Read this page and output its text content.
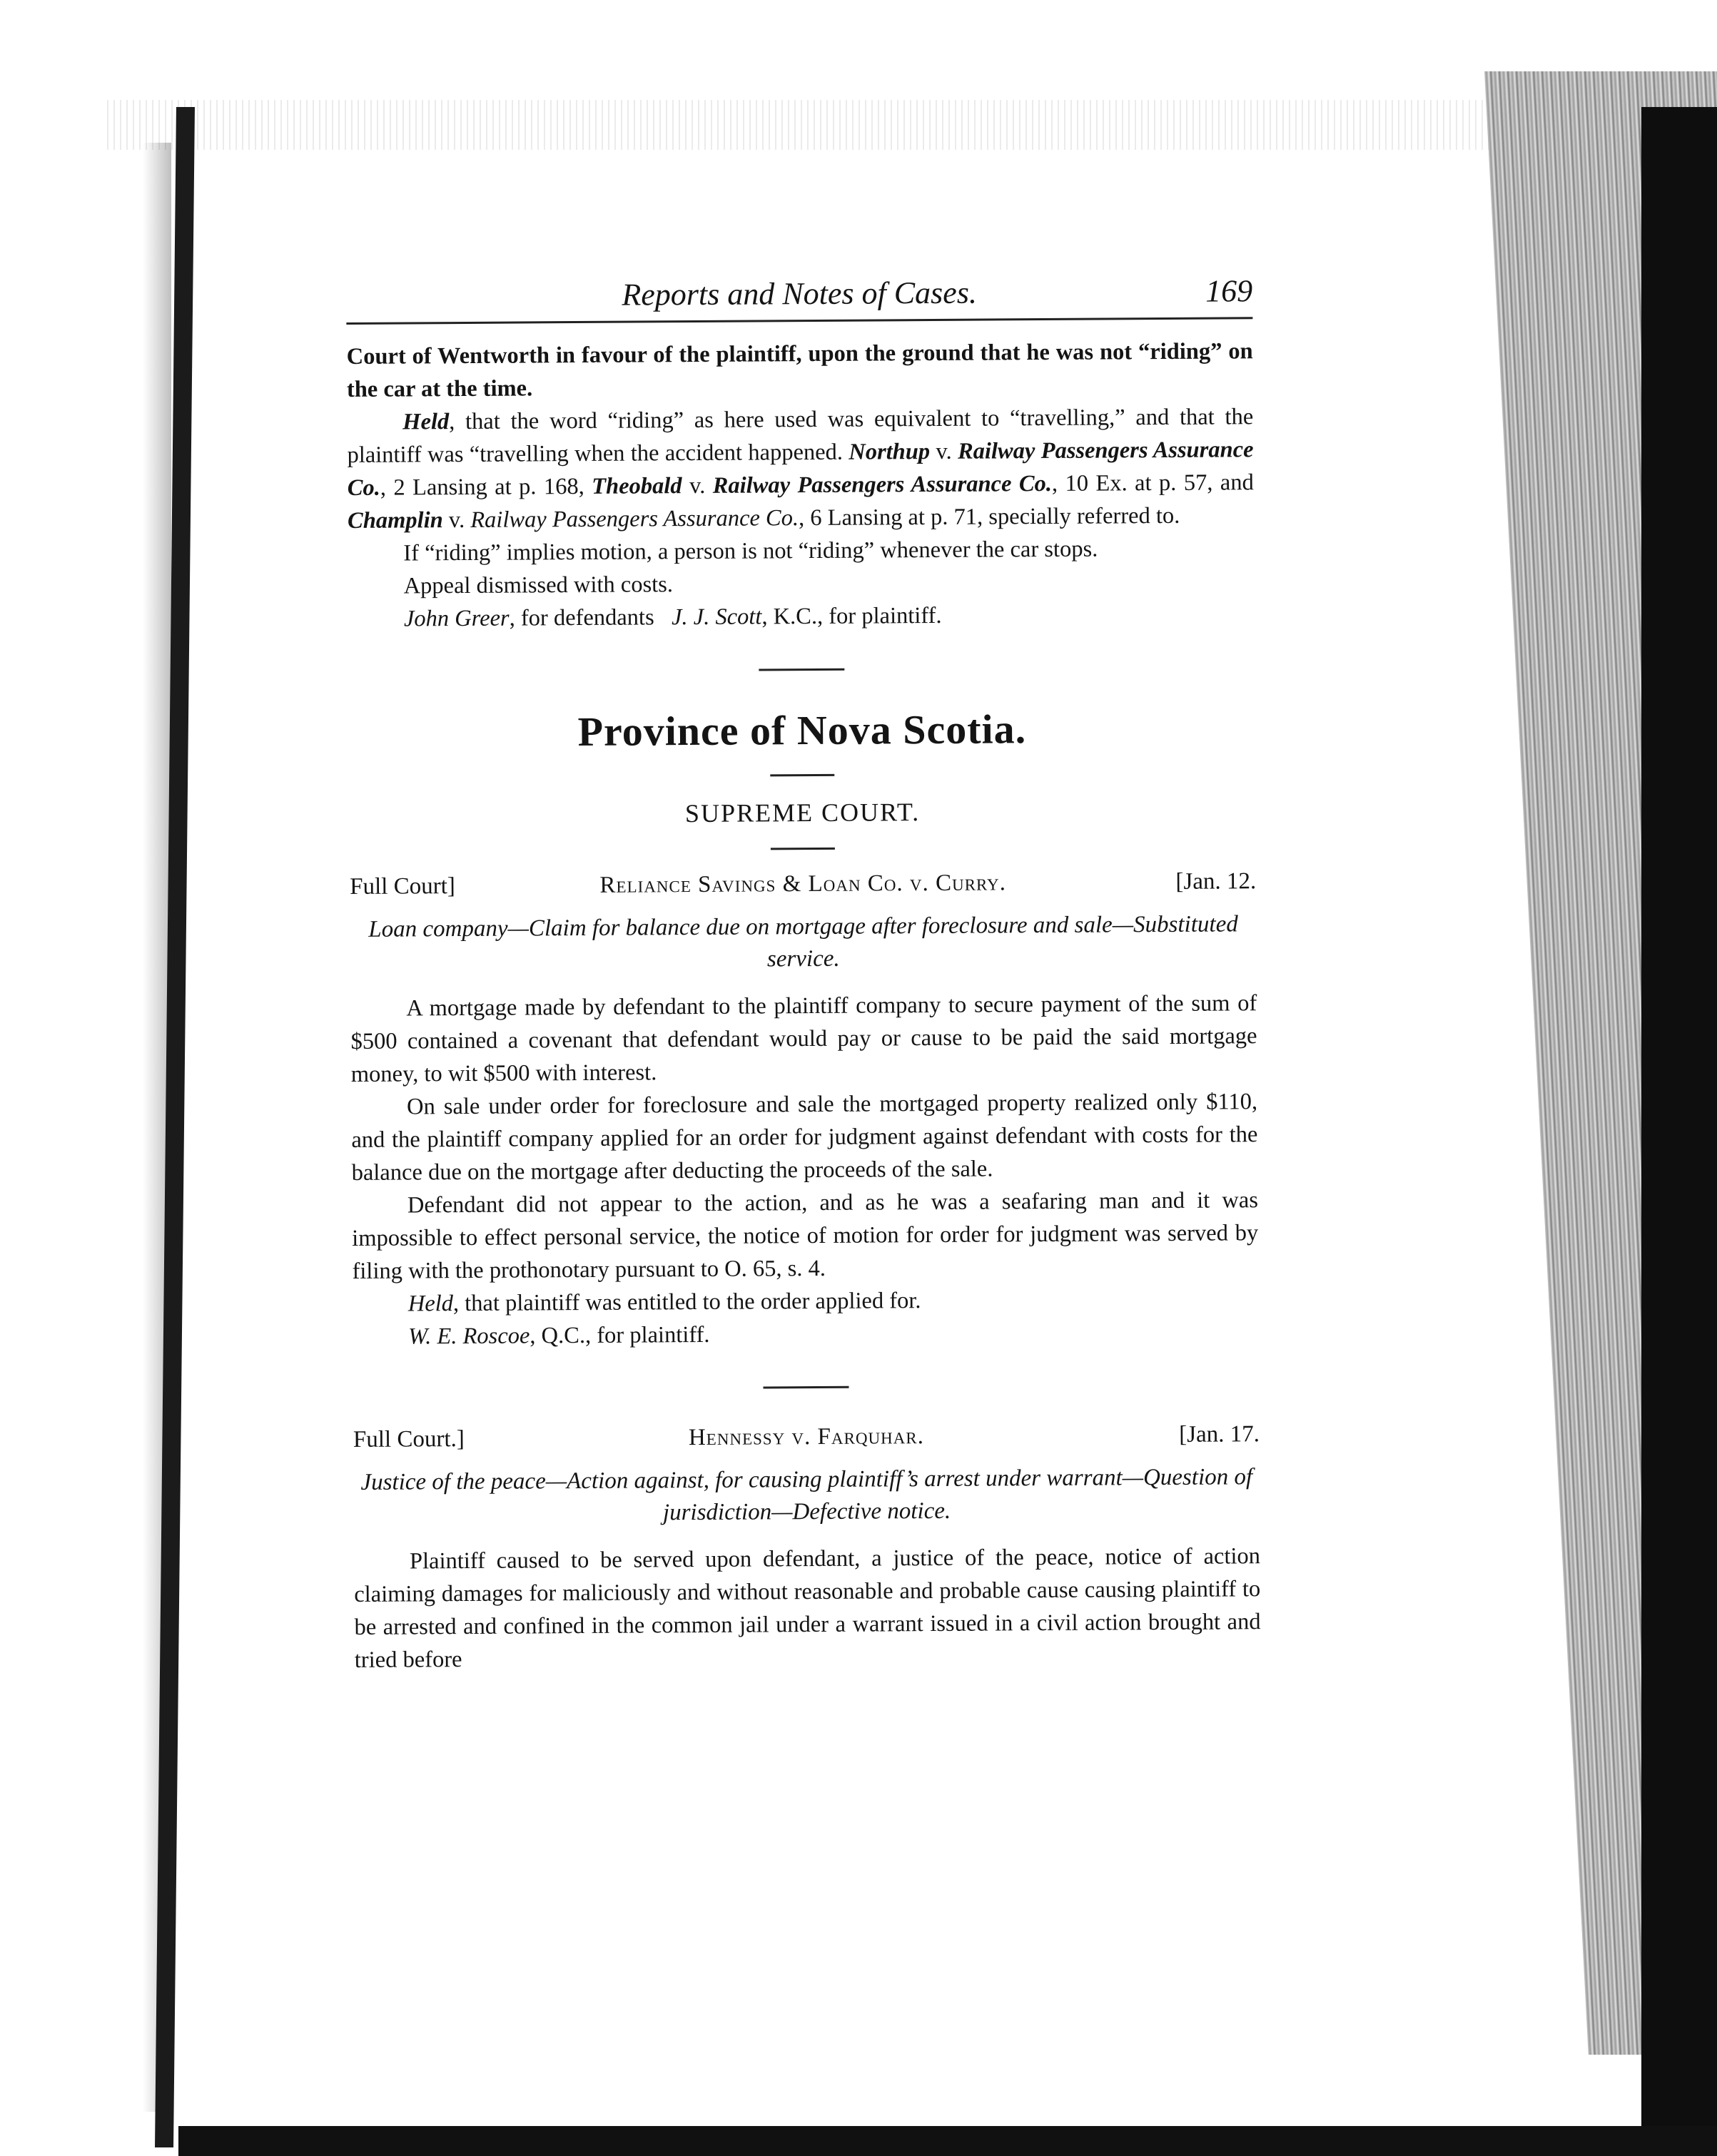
Reports and Notes of Cases.	169

Court of Wentworth in favour of the plaintiff, upon the ground that he was not “riding” on the car at the time.

Held, that the word “riding” as here used was equivalent to “travelling,” and that the plaintiff was “travelling when the accident happened. Northup v. Railway Passengers Assurance Co., 2 Lansing at p. 168, Theobald v. Railway Passengers Assurance Co., 10 Ex. at p. 57, and Champlin v. Railway Passengers Assurance Co., 6 Lansing at p. 71, specially referred to.

If “riding” implies motion, a person is not “riding” whenever the car stops.

Appeal dismissed with costs.

John Greer, for defendants J. J. Scott, K.C., for plaintiff.

Province of Nova Scotia.
SUPREME COURT.
Full Court]	Reliance Savings & Loan Co. v. Curry.	[Jan. 12.
Loan company—Claim for balance due on mortgage after foreclosure and sale—Substituted service.

A mortgage made by defendant to the plaintiff company to secure payment of the sum of $500 contained a covenant that defendant would pay or cause to be paid the said mortgage money, to wit $500 with interest.

On sale under order for foreclosure and sale the mortgaged property realized only $110, and the plaintiff company applied for an order for judgment against defendant with costs for the balance due on the mortgage after deducting the proceeds of the sale.

Defendant did not appear to the action, and as he was a seafaring man and it was impossible to effect personal service, the notice of motion for order for judgment was served by filing with the prothonotary pursuant to O. 65, s. 4.

Held, that plaintiff was entitled to the order applied for.

W. E. Roscoe, Q.C., for plaintiff.

Full Court.]	Hennessy v. Farquhar.	[Jan. 17.
Justice of the peace—Action against, for causing plaintiff’s arrest under warrant—Question of jurisdiction—Defective notice.

Plaintiff caused to be served upon defendant, a justice of the peace, notice of action claiming damages for maliciously and without reasonable and probable cause causing plaintiff to be arrested and confined in the common jail under a warrant issued in a civil action brought and tried before
